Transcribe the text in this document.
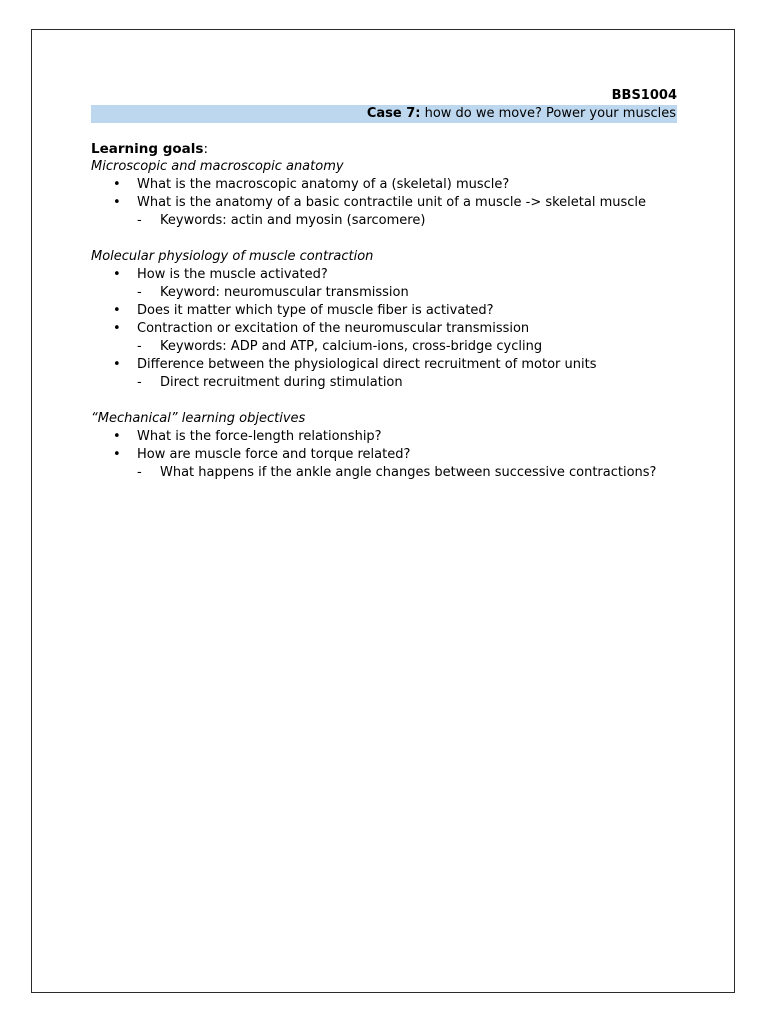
BBS1004
Case 7: how do we move? Power your muscles
Learning goals:
Microscopic and macroscopic anatomy
• What is the macroscopic anatomy of a (skeletal) muscle?
• What is the anatomy of a basic contractile unit of a muscle -> skeletal muscle
- Keywords: actin and myosin (sarcomere)
Molecular physiology of muscle contraction
• How is the muscle activated?
- Keyword: neuromuscular transmission
• Does it matter which type of muscle fiber is activated?
• Contraction or excitation of the neuromuscular transmission
- Keywords: ADP and ATP, calcium-ions, cross-bridge cycling
• Difference between the physiological direct recruitment of motor units
- Direct recruitment during stimulation
“Mechanical” learning objectives
• What is the force-length relationship?
• How are muscle force and torque related?
- What happens if the ankle angle changes between successive contractions?
